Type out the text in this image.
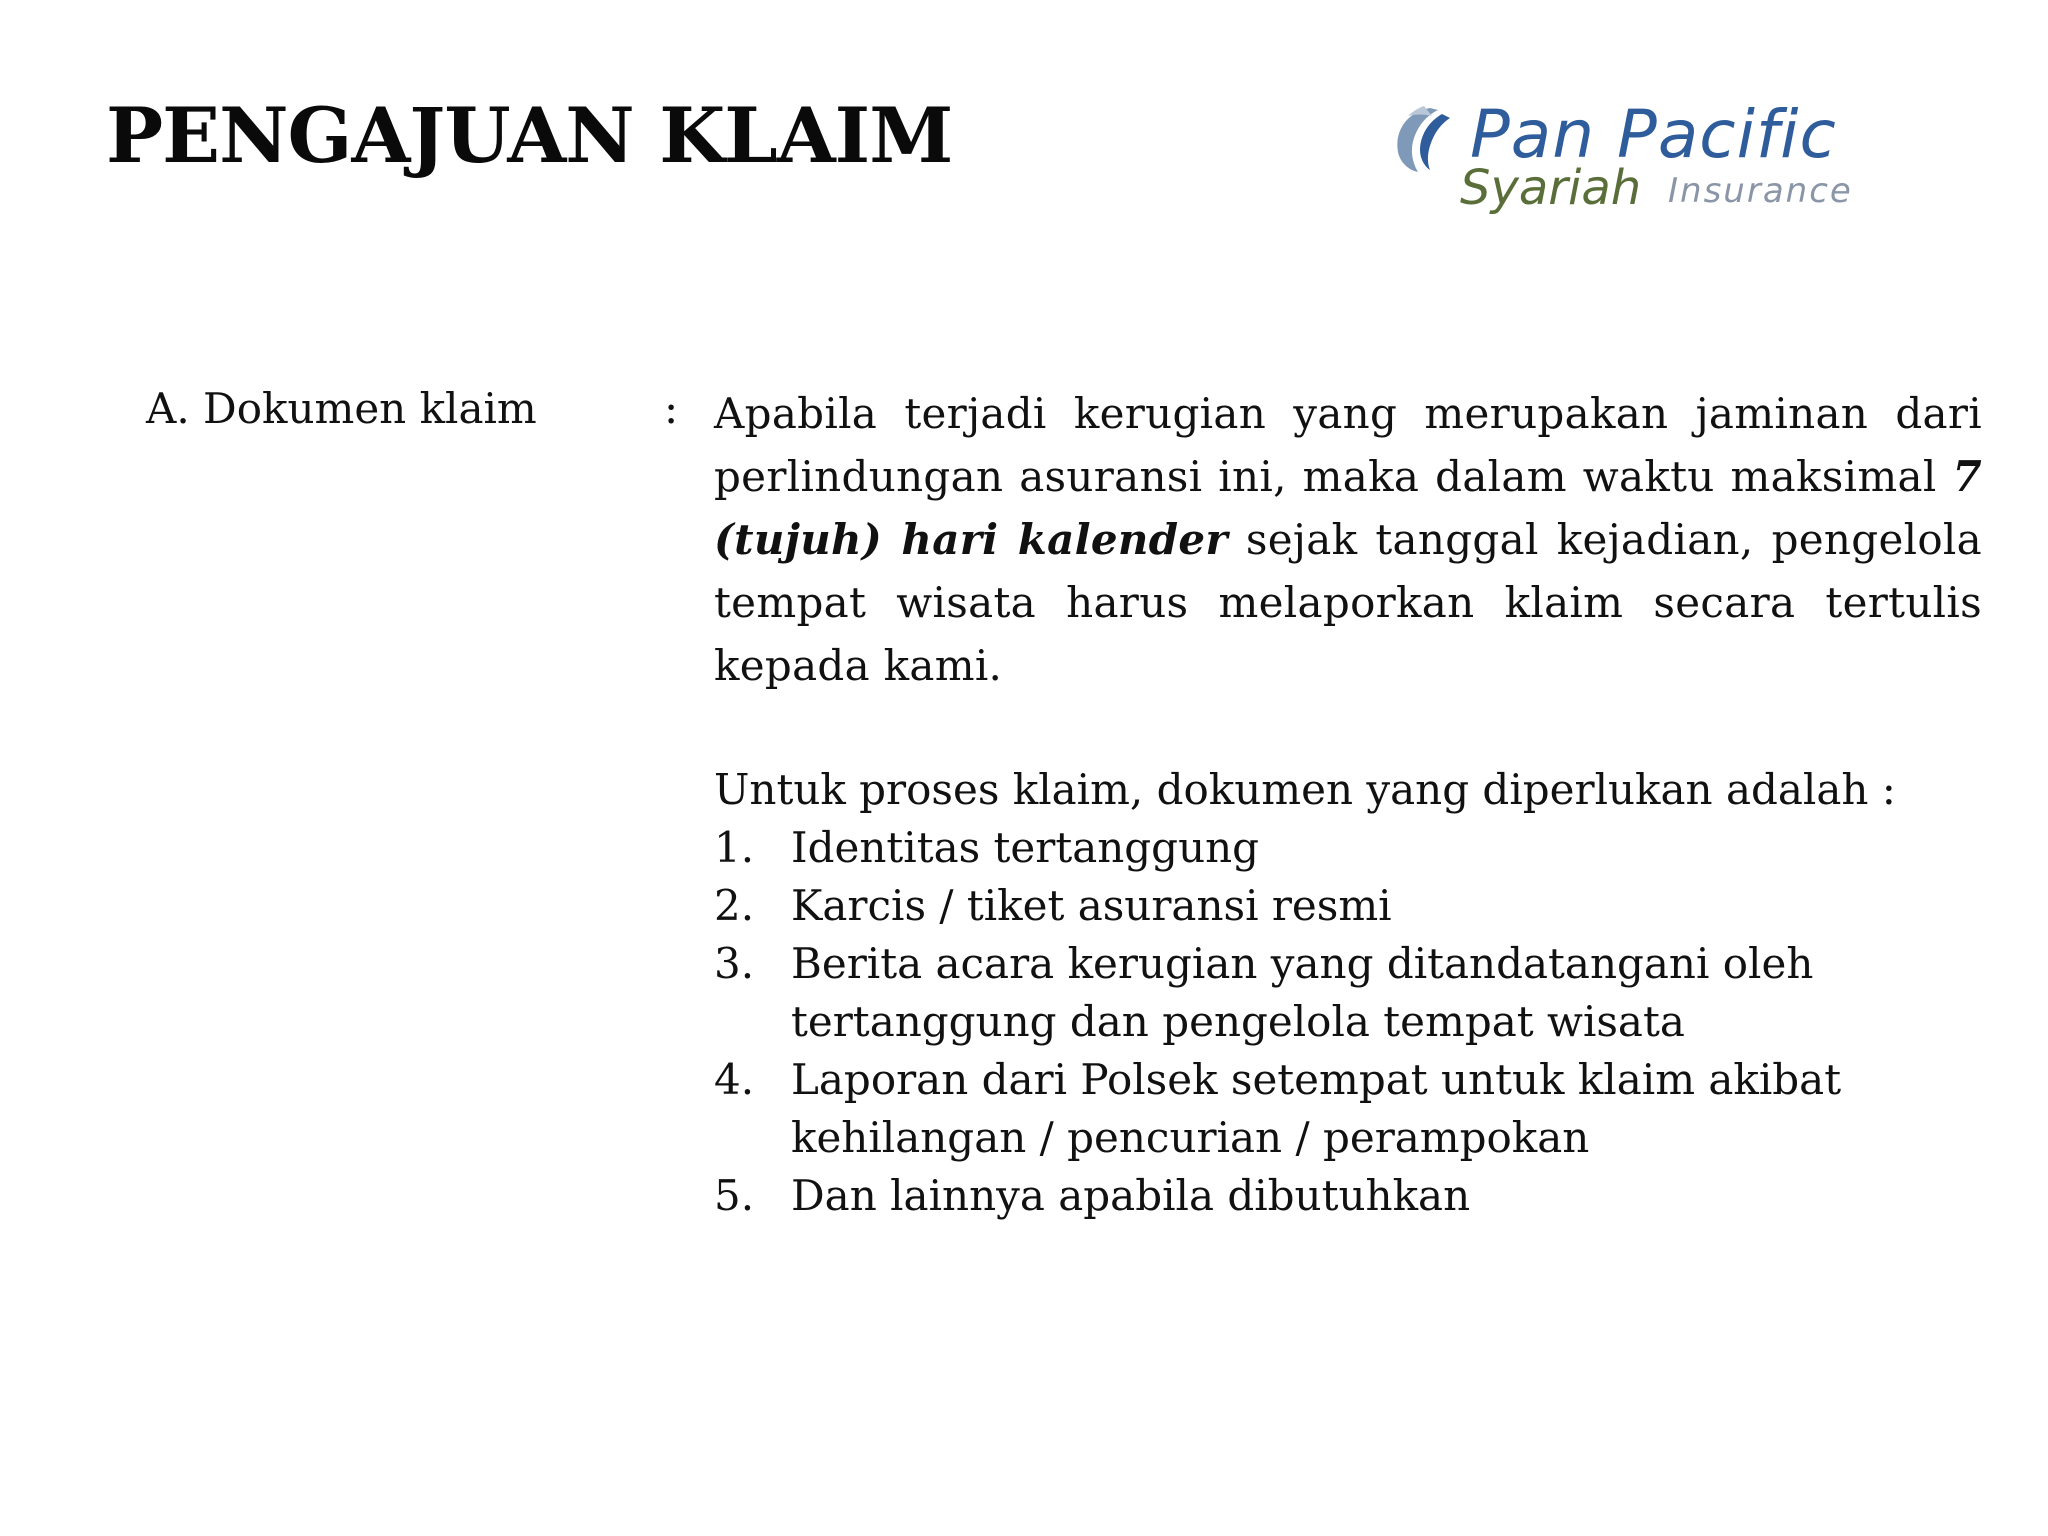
PENGAJUAN KLAIM	Pan Pacific
Syariah Insurance
A. Dokumen klaim	: Apabila terjadi kerugian yang merupakan jaminan dari perlindungan asuransi ini, maka dalam waktu maksimal 7 (tujuh) hari kalender sejak tanggal kejadian, pengelola tempat wisata harus melaporkan klaim secara tertulis kepada kami.

Untuk proses klaim, dokumen yang diperlukan adalah :

1. Identitas tertanggung
2. Karcis / tiket asuransi resmi
3. Berita acara kerugian yang ditandatangani oleh tertanggung dan pengelola tempat wisata
4. Laporan dari Polsek setempat untuk klaim akibat kehilangan / pencurian / perampokan
5. Dan lainnya apabila dibutuhkan
